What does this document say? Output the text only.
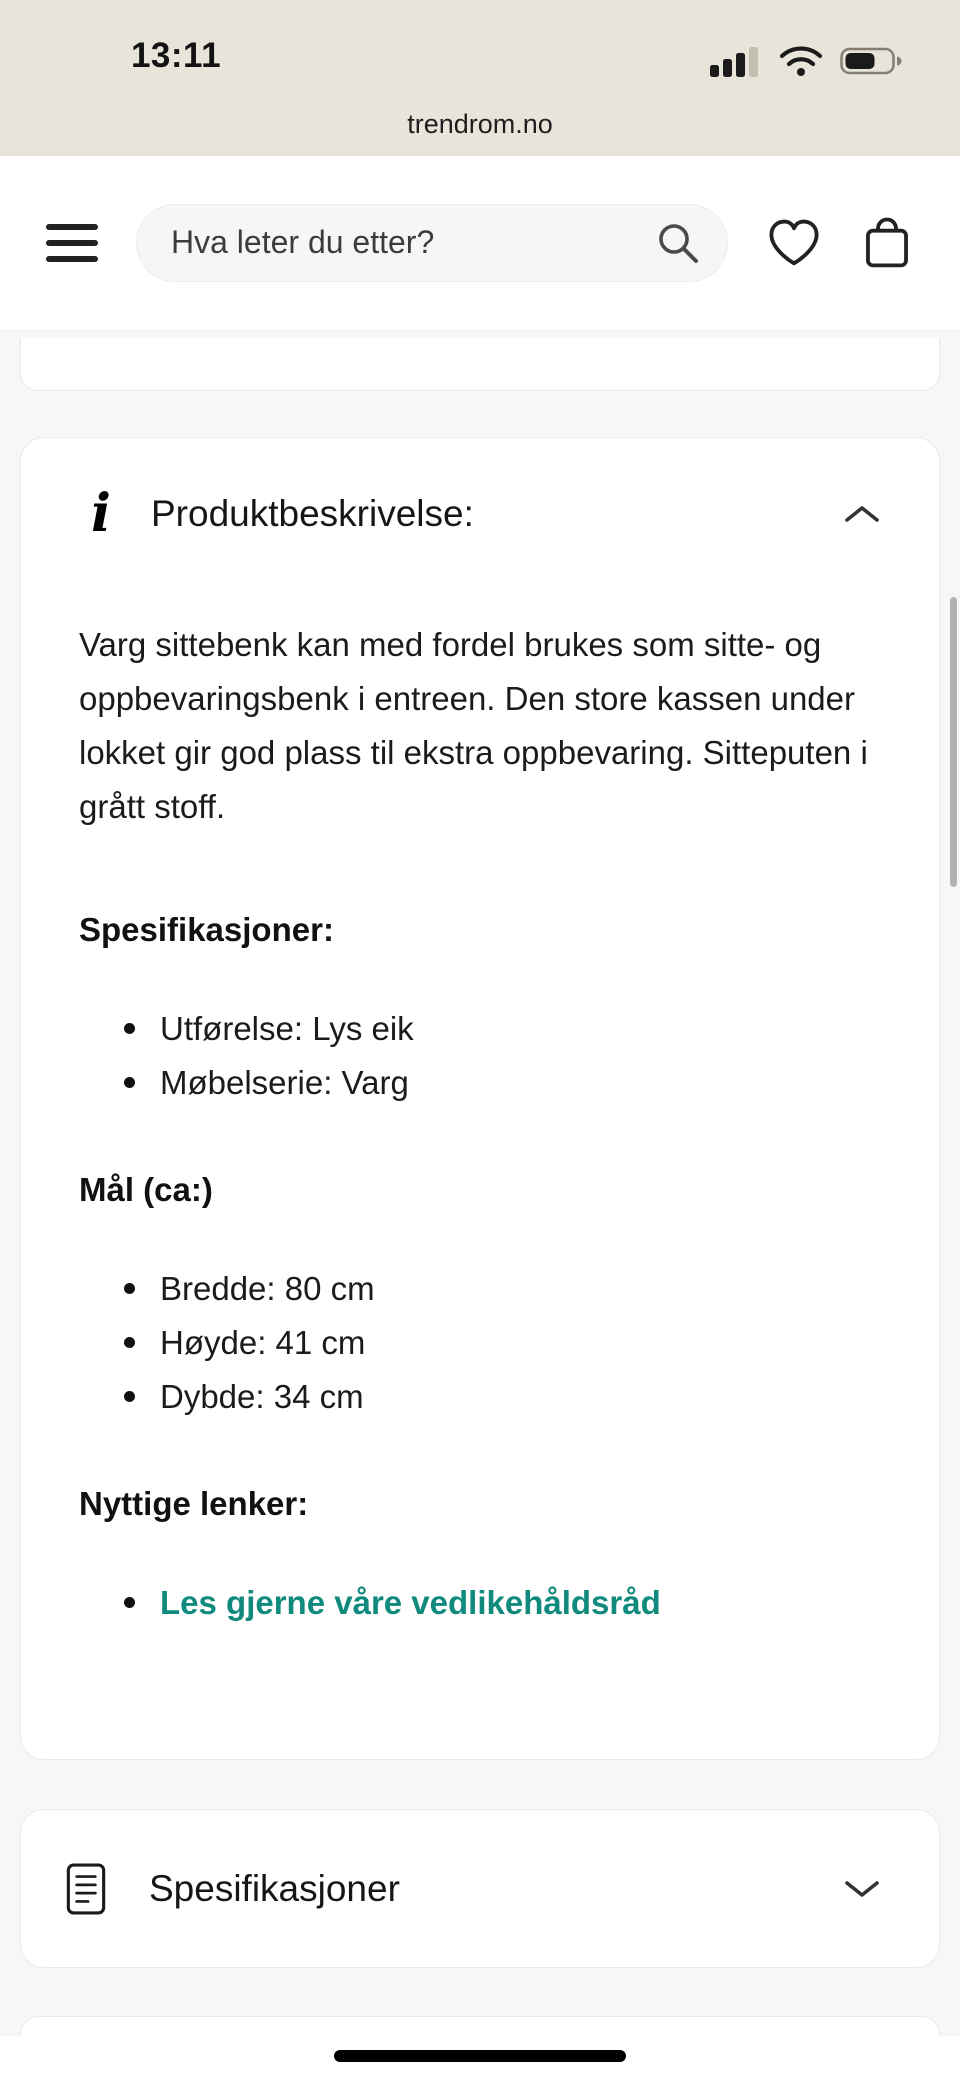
13:11
trendrom.no
Hva leter du etter?
i	Produktbeskrivelse:

Varg sittebenk kan med fordel brukes som sitte- og oppbevaringsbenk i entreen. Den store kassen under lokket gir god plass til ekstra oppbevaring. Sitteputen i grått stoff.

Spesifikasjoner:
Utførelse: Lys eik
Møbelserie: Varg
Mål (ca:)
Bredde: 80 cm
Høyde: 41 cm
Dybde: 34 cm
Nyttige lenker:
Les gjerne våre vedlikehåldsråd
Spesifikasjoner
